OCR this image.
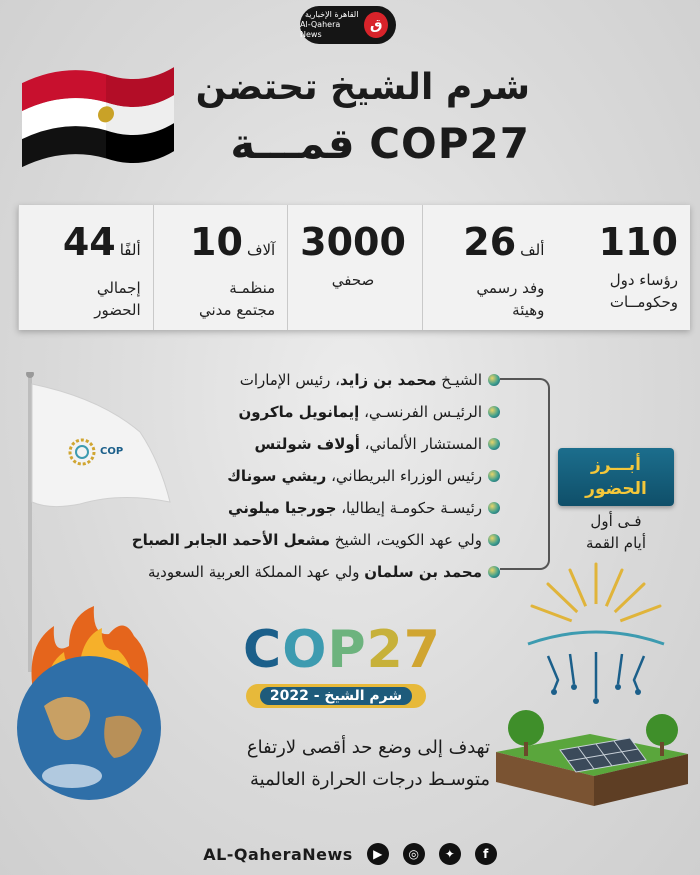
القاهرة الإخبارية
Al-Qahera News
ق
شرم الشيخ تحتضن
قمـــة COP27
110
رؤساء دول
وحكومــات
ألف26
وفد رسمي
وهيئة
3000
صحفي
آلاف10
منظمـة
مجتمع مدني
ألفًا44
إجمالي
الحضور
COP
الشيـخ محمد بن زايد، رئيس الإمارات
الرئيـس الفرنسـي، إيمانويل ماكرون
المستشار الألماني، أولاف شولتس
رئيس الوزراء البريطاني، ريشي سوناك
رئيسـة حكومـة إيطاليا، جورجيا ميلوني
ولي عهد الكويت، الشيخ مشعل الأحمد الجابر الصباح
محمد بن سلمان ولي عهد المملكة العربية السعودية
أبـــرز
الحضور
فـى أول
أيام القمة
COP27
شرم الشيخ - 2022
تهدف إلى وضع حد أقصى لارتفاع
متوسـط درجات الحرارة العالمية
AL-QaheraNews	▶	◎	✦	f
